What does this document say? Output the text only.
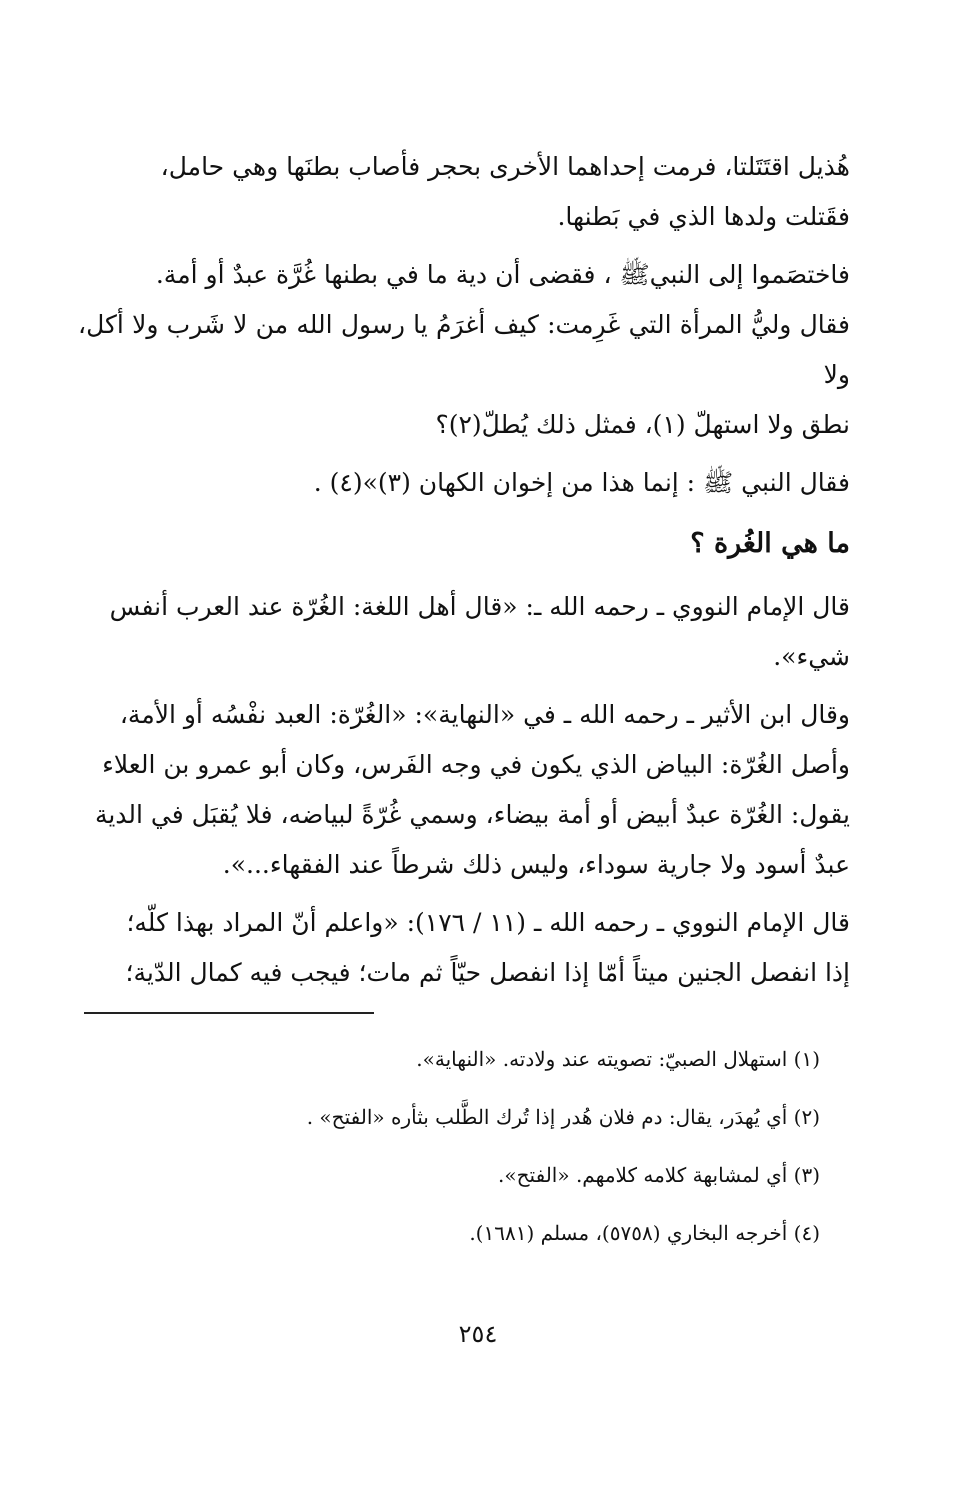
هُذيل اقتَتَلتا، فرمت إحداهما الأخرى بحجر فأصاب بطنَها وهي حامل،
فقَتلت ولدها الذي في بَطنها.

فاختصَموا إلى النبيﷺ ، فقضى أن دية ما في بطنها غُرَّة عبدٌ أو أمة.
فقال وليُّ المرأة التي غَرِمت: كيف أغرَمُ يا رسول الله من لا شَرب ولا أكل، ولا
نطق ولا استهلّ (١)، فمثل ذلك يُطلّ(٢)؟

فقال النبي ﷺ : إنما هذا من إخوان الكهان (٣)»(٤) .

ما هي الغُرة ؟

قال الإمام النووي ـ رحمه الله ـ: «قال أهل اللغة: الغُرّة عند العرب أنفس
شيء».

وقال ابن الأثير ـ رحمه الله ـ في «النهاية»: «الغُرّة: العبد نفْسُه أو الأمة،
وأصل الغُرّة: البياض الذي يكون في وجه الفَرس، وكان أبو عمرو بن العلاء
يقول: الغُرّة عبدٌ أبيض أو أمة بيضاء، وسمي غُرّةً لبياضه، فلا يُقبَل في الدية
عبدٌ أسود ولا جارية سوداء، وليس ذلك شرطاً عند الفقهاء...».

قال الإمام النووي ـ رحمه الله ـ (١١ / ١٧٦): «واعلم أنّ المراد بهذا كلّه؛
إذا انفصل الجنين ميتاً أمّا إذا انفصل حيّاً ثم مات؛ فيجب فيه كمال الدّية؛

(١) استهلال الصبيّ: تصويته عند ولادته. «النهاية».
(٢) أي يُهدَر، يقال: دم فلان هُدر إذا تُرك الطَّلب بثأره «الفتح» .
(٣) أي لمشابهة كلامه كلامهم. «الفتح».
(٤) أخرجه البخاري (٥٧٥٨)، مسلم (١٦٨١).
٢٥٤
